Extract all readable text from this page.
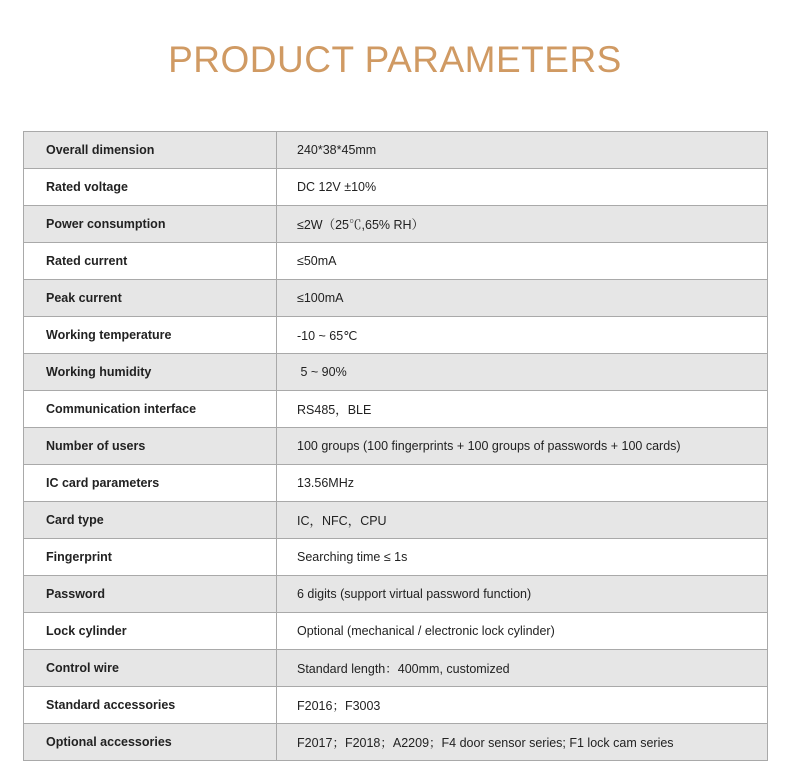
PRODUCT PARAMETERS
Overall dimension	240*38*45mm
Rated voltage	DC 12V ±10%
Power consumption	≤2W（25℃,65% RH）
Rated current	≤50mA
Peak current	≤100mA
Working temperature	-10 ~ 65℃
Working humidity	5 ~ 90%
Communication interface	RS485，BLE
Number of users	100 groups (100 fingerprints + 100 groups of passwords + 100 cards)
IC card parameters	13.56MHz
Card type	IC，NFC，CPU
Fingerprint	Searching time ≤ 1s
Password	6 digits (support virtual password function)
Lock cylinder	Optional (mechanical / electronic lock cylinder)
Control wire	Standard length：400mm, customized
Standard accessories	F2016；F3003
Optional accessories	F2017；F2018；A2209；F4 door sensor series; F1 lock cam series
